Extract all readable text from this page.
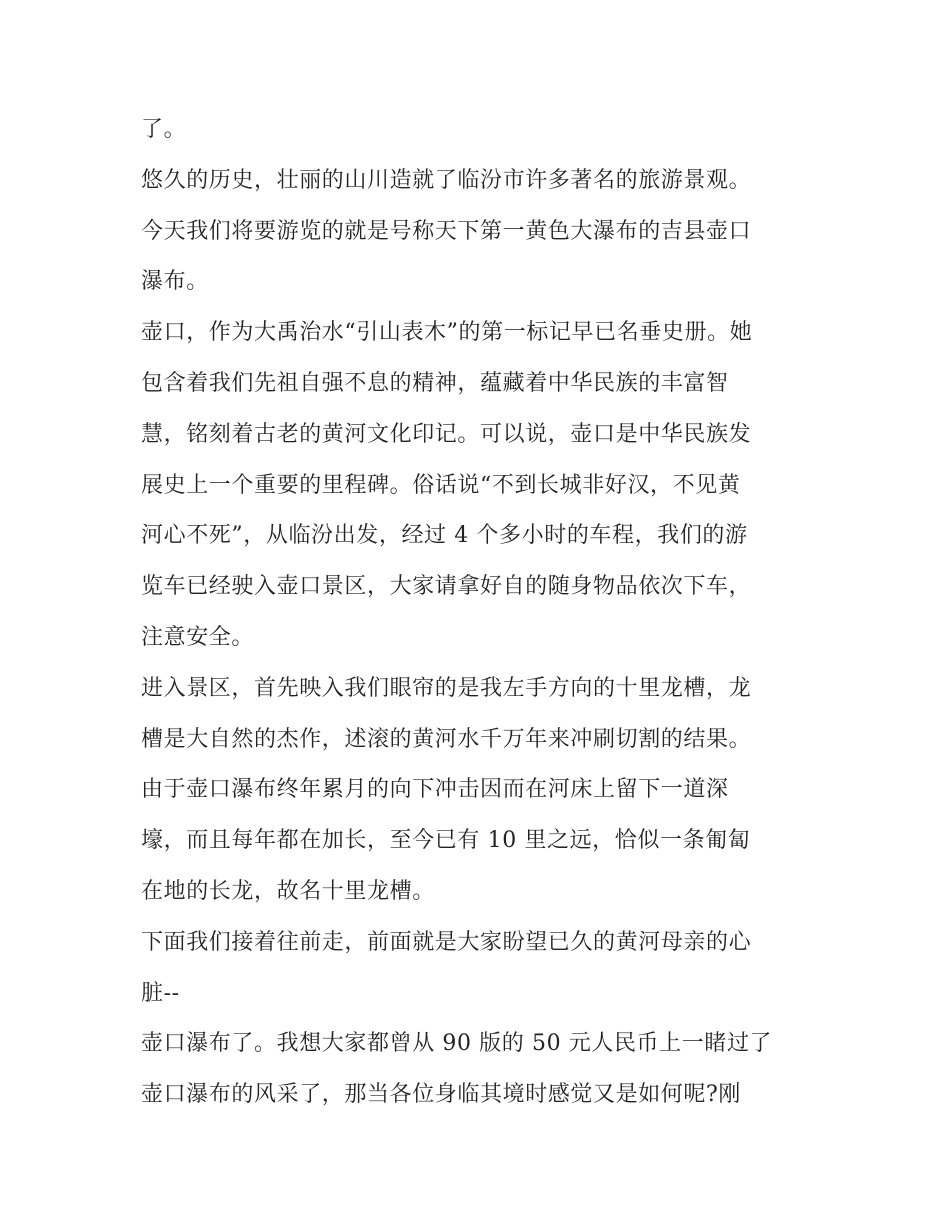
了。

悠久的历史，壮丽的山川造就了临汾市许多著名的旅游景观。

今天我们将要游览的就是号称天下第一黄色大瀑布的吉县壶口
瀑布。

壶口，作为大禹治水“引山表木”的第一标记早已名垂史册。她
包含着我们先祖自强不息的精神，蕴藏着中华民族的丰富智
慧，铭刻着古老的黄河文化印记。可以说，壶口是中华民族发
展史上一个重要的里程碑。俗话说“不到长城非好汉，不见黄
河心不死”，从临汾出发，经过 4 个多小时的车程，我们的游
览车已经驶入壶口景区，大家请拿好自的随身物品依次下车，
注意安全。

进入景区，首先映入我们眼帘的是我左手方向的十里龙槽，龙
槽是大自然的杰作，述滚的黄河水千万年来冲刷切割的结果。
由于壶口瀑布终年累月的向下冲击因而在河床上留下一道深
壕，而且每年都在加长，至今已有 10 里之远，恰似一条匍匐
在地的长龙，故名十里龙槽。

下面我们接着往前走，前面就是大家盼望已久的黄河母亲的心
脏--

壶口瀑布了。我想大家都曾从 90 版的 50 元人民币上一睹过了
壶口瀑布的风采了，那当各位身临其境时感觉又是如何呢?刚
